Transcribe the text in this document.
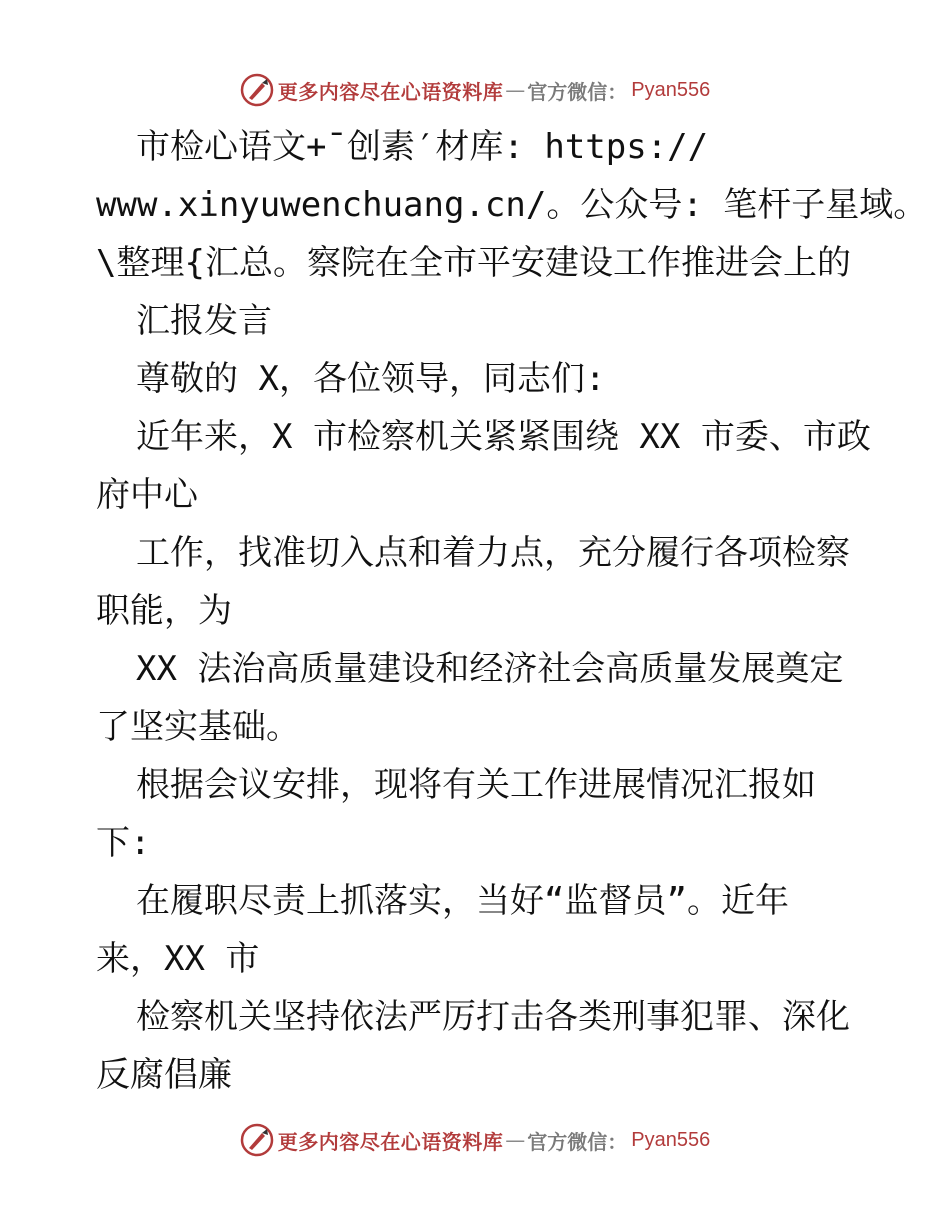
更多内容尽在心语资料库 — 官方微信： Pyan556
市检心语文+¯创素′材库: https://
www.xinyuwenchuang.cn/。公众号: 笔杆子星域。
\整理{汇总。察院在全市平安建设工作推进会上的
汇报发言
尊敬的 X，各位领导，同志们:
近年来，X 市检察机关紧紧围绕 XX 市委、市政
府中心
工作，找准切入点和着力点，充分履行各项检察
职能，为
XX 法治高质量建设和经济社会高质量发展奠定
了坚实基础。
根据会议安排，现将有关工作进展情况汇报如
下:
在履职尽责上抓落实，当好“监督员”。近年
来，XX 市
检察机关坚持依法严厉打击各类刑事犯罪、深化
反腐倡廉
更多内容尽在心语资料库 — 官方微信： Pyan556
